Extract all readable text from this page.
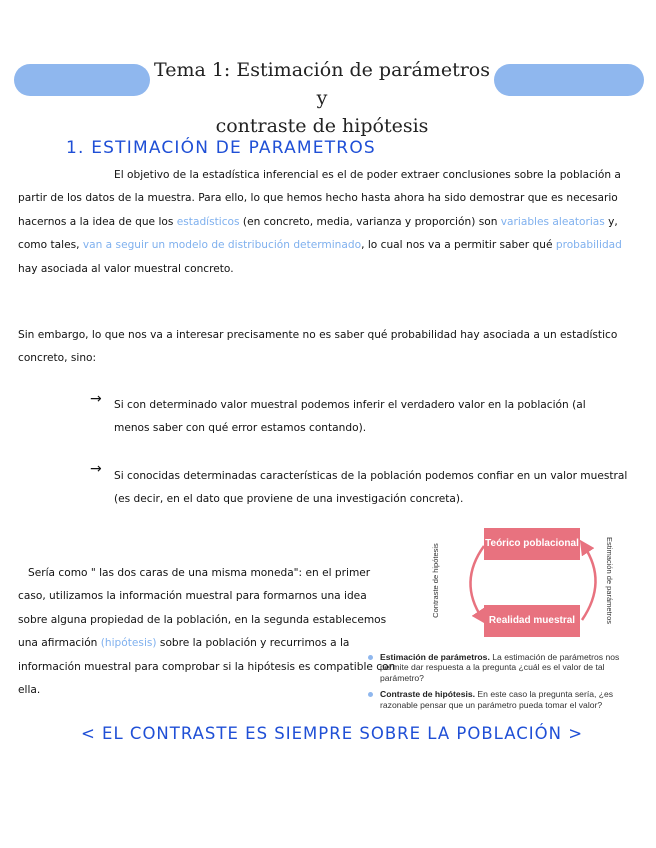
Tema 1: Estimación de parámetros y
contraste de hipótesis
1. ESTIMACIÓN DE PARAMETROS
El objetivo de la estadística inferencial es el de poder extraer conclusiones sobre la población a partir de los datos de la muestra. Para ello, lo que hemos hecho hasta ahora ha sido demostrar que es necesario hacernos a la idea de que los estadísticos (en concreto, media, varianza y proporción) son variables aleatorias y, como tales, van a seguir un modelo de distribución determinado, lo cual nos va a permitir saber qué probabilidad hay asociada al valor muestral concreto.
Sin embargo, lo que nos va a interesar precisamente no es saber qué probabilidad hay asociada a un estadístico concreto, sino:
→ Si con determinado valor muestral podemos inferir el verdadero valor en la población (al menos saber con qué error estamos contando).
→ Si conocidas determinadas características de la población podemos confiar en un valor muestral (es decir, en el dato que proviene de una investigación concreta).
Sería como " las dos caras de una misma moneda": en el primer caso, utilizamos la información muestral para formarnos una idea sobre alguna propiedad de la población, en la segunda establecemos una afirmación (hipótesis) sobre la población y recurrimos a la información muestral para comprobar si la hipótesis es compatible con ella.
Teórico poblacional
Realidad muestral
Contraste de hipótesis	Estimación de parámetros
Estimación de parámetros. La estimación de parámetros nos permite dar respuesta a la pregunta ¿cuál es el valor de tal parámetro?
Contraste de hipótesis. En este caso la pregunta sería, ¿es razonable pensar que un parámetro pueda tomar el valor?
< EL CONTRASTE ES SIEMPRE SOBRE LA POBLACIÓN >
